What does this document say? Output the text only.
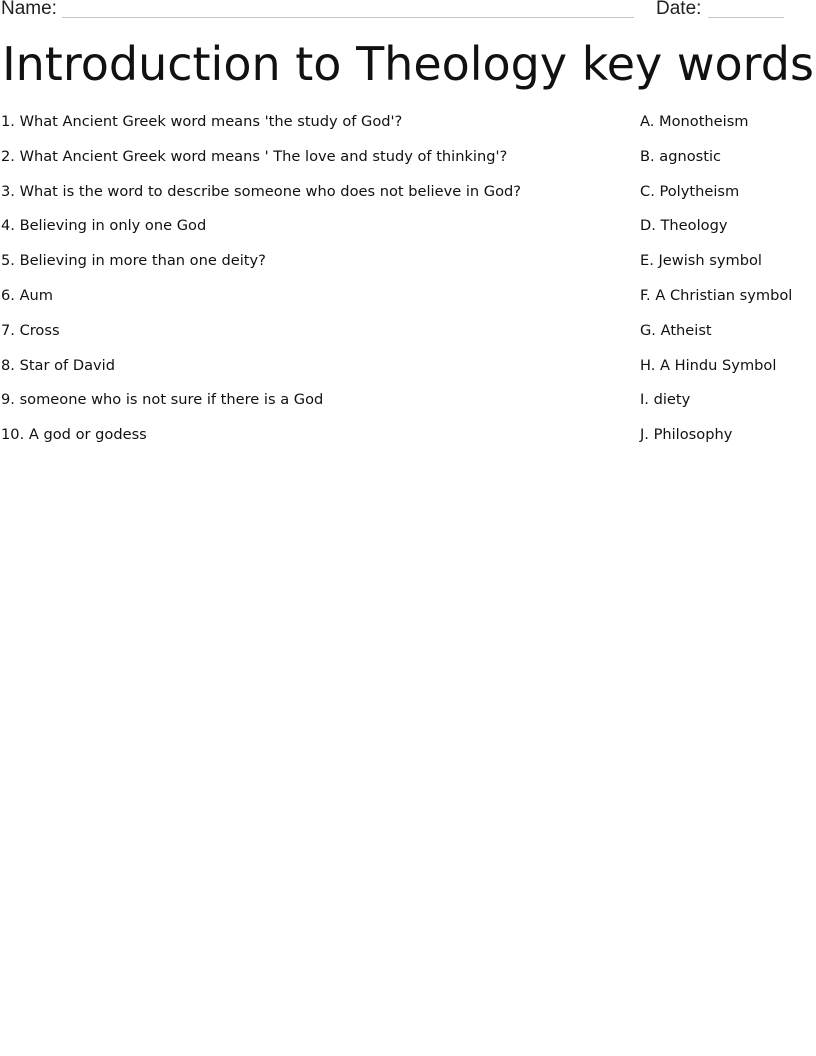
Name:	Date:
Introduction to Theology key words
1. What Ancient Greek word means 'the study of God'?
2. What Ancient Greek word means ' The love and study of thinking'?
3. What is the word to describe someone who does not believe in God?
4. Believing in only one God
5. Believing in more than one deity?
6. Aum
7. Cross
8. Star of David
9. someone who is not sure if there is a God
10. A god or godess
A. Monotheism
B. agnostic
C. Polytheism
D. Theology
E. Jewish symbol
F. A Christian symbol
G. Atheist
H. A Hindu Symbol
I. diety
J. Philosophy
